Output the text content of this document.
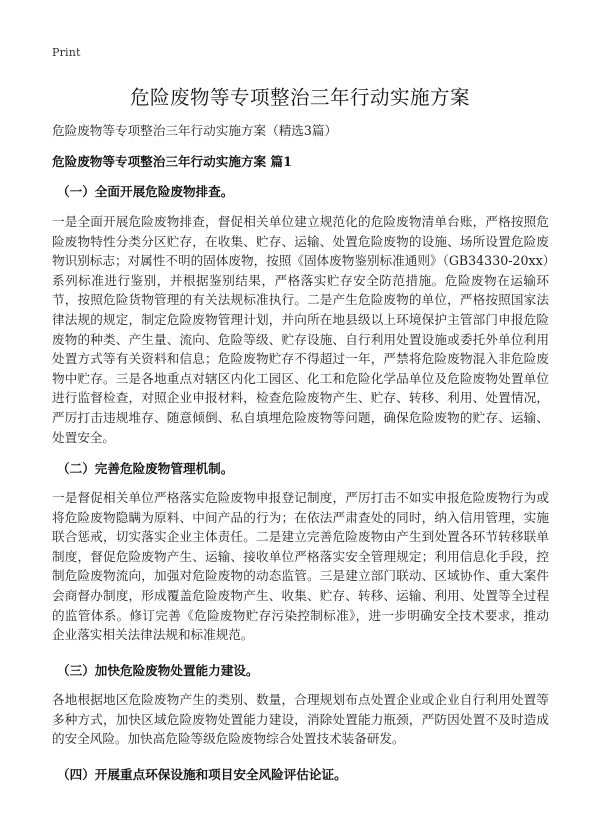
Print
危险废物等专项整治三年行动实施方案

危险废物等专项整治三年行动实施方案（精选3篇）

危险废物等专项整治三年行动实施方案 篇1

（一）全面开展危险废物排查。

一是全面开展危险废物排查，督促相关单位建立规范化的危险废物清单台账，严格按照危险废物特性分类分区贮存，在收集、贮存、运输、处置危险废物的设施、场所设置危险废物识别标志；对属性不明的固体废物，按照《固体废物鉴别标准通则》（GB34330-20xx）系列标准进行鉴别，并根据鉴别结果，严格落实贮存安全防范措施。危险废物在运输环节，按照危险货物管理的有关法规标准执行。二是产生危险废物的单位，严格按照国家法律法规的规定，制定危险废物管理计划，并向所在地县级以上环境保护主管部门申报危险废物的种类、产生量、流向、危险等级、贮存设施、自行利用处置设施或委托外单位利用处置方式等有关资料和信息；危险废物贮存不得超过一年，严禁将危险废物混入非危险废物中贮存。三是各地重点对辖区内化工园区、化工和危险化学品单位及危险废物处置单位进行监督检查，对照企业申报材料，检查危险废物产生、贮存、转移、利用、处置情况，严厉打击违规堆存、随意倾倒、私自填埋危险废物等问题，确保危险废物的贮存、运输、处置安全。

（二）完善危险废物管理机制。

一是督促相关单位严格落实危险废物申报登记制度，严厉打击不如实申报危险废物行为或将危险废物隐瞒为原料、中间产品的行为；在依法严肃查处的同时，纳入信用管理，实施联合惩戒，切实落实企业主体责任。二是建立完善危险废物由产生到处置各环节转移联单制度，督促危险废物产生、运输、接收单位严格落实安全管理规定；利用信息化手段，控制危险废物流向，加强对危险废物的动态监管。三是建立部门联动、区域协作、重大案件会商督办制度，形成覆盖危险废物产生、收集、贮存、转移、运输、利用、处置等全过程的监管体系。修订完善《危险废物贮存污染控制标准》，进一步明确安全技术要求，推动企业落实相关法律法规和标准规范。

（三）加快危险废物处置能力建设。

各地根据地区危险废物产生的类别、数量，合理规划布点处置企业或企业自行利用处置等多种方式，加快区域危险废物处置能力建设，消除处置能力瓶颈，严防因处置不及时造成的安全风险。加快高危险等级危险废物综合处置技术装备研发。

（四）开展重点环保设施和项目安全风险评估论证。
